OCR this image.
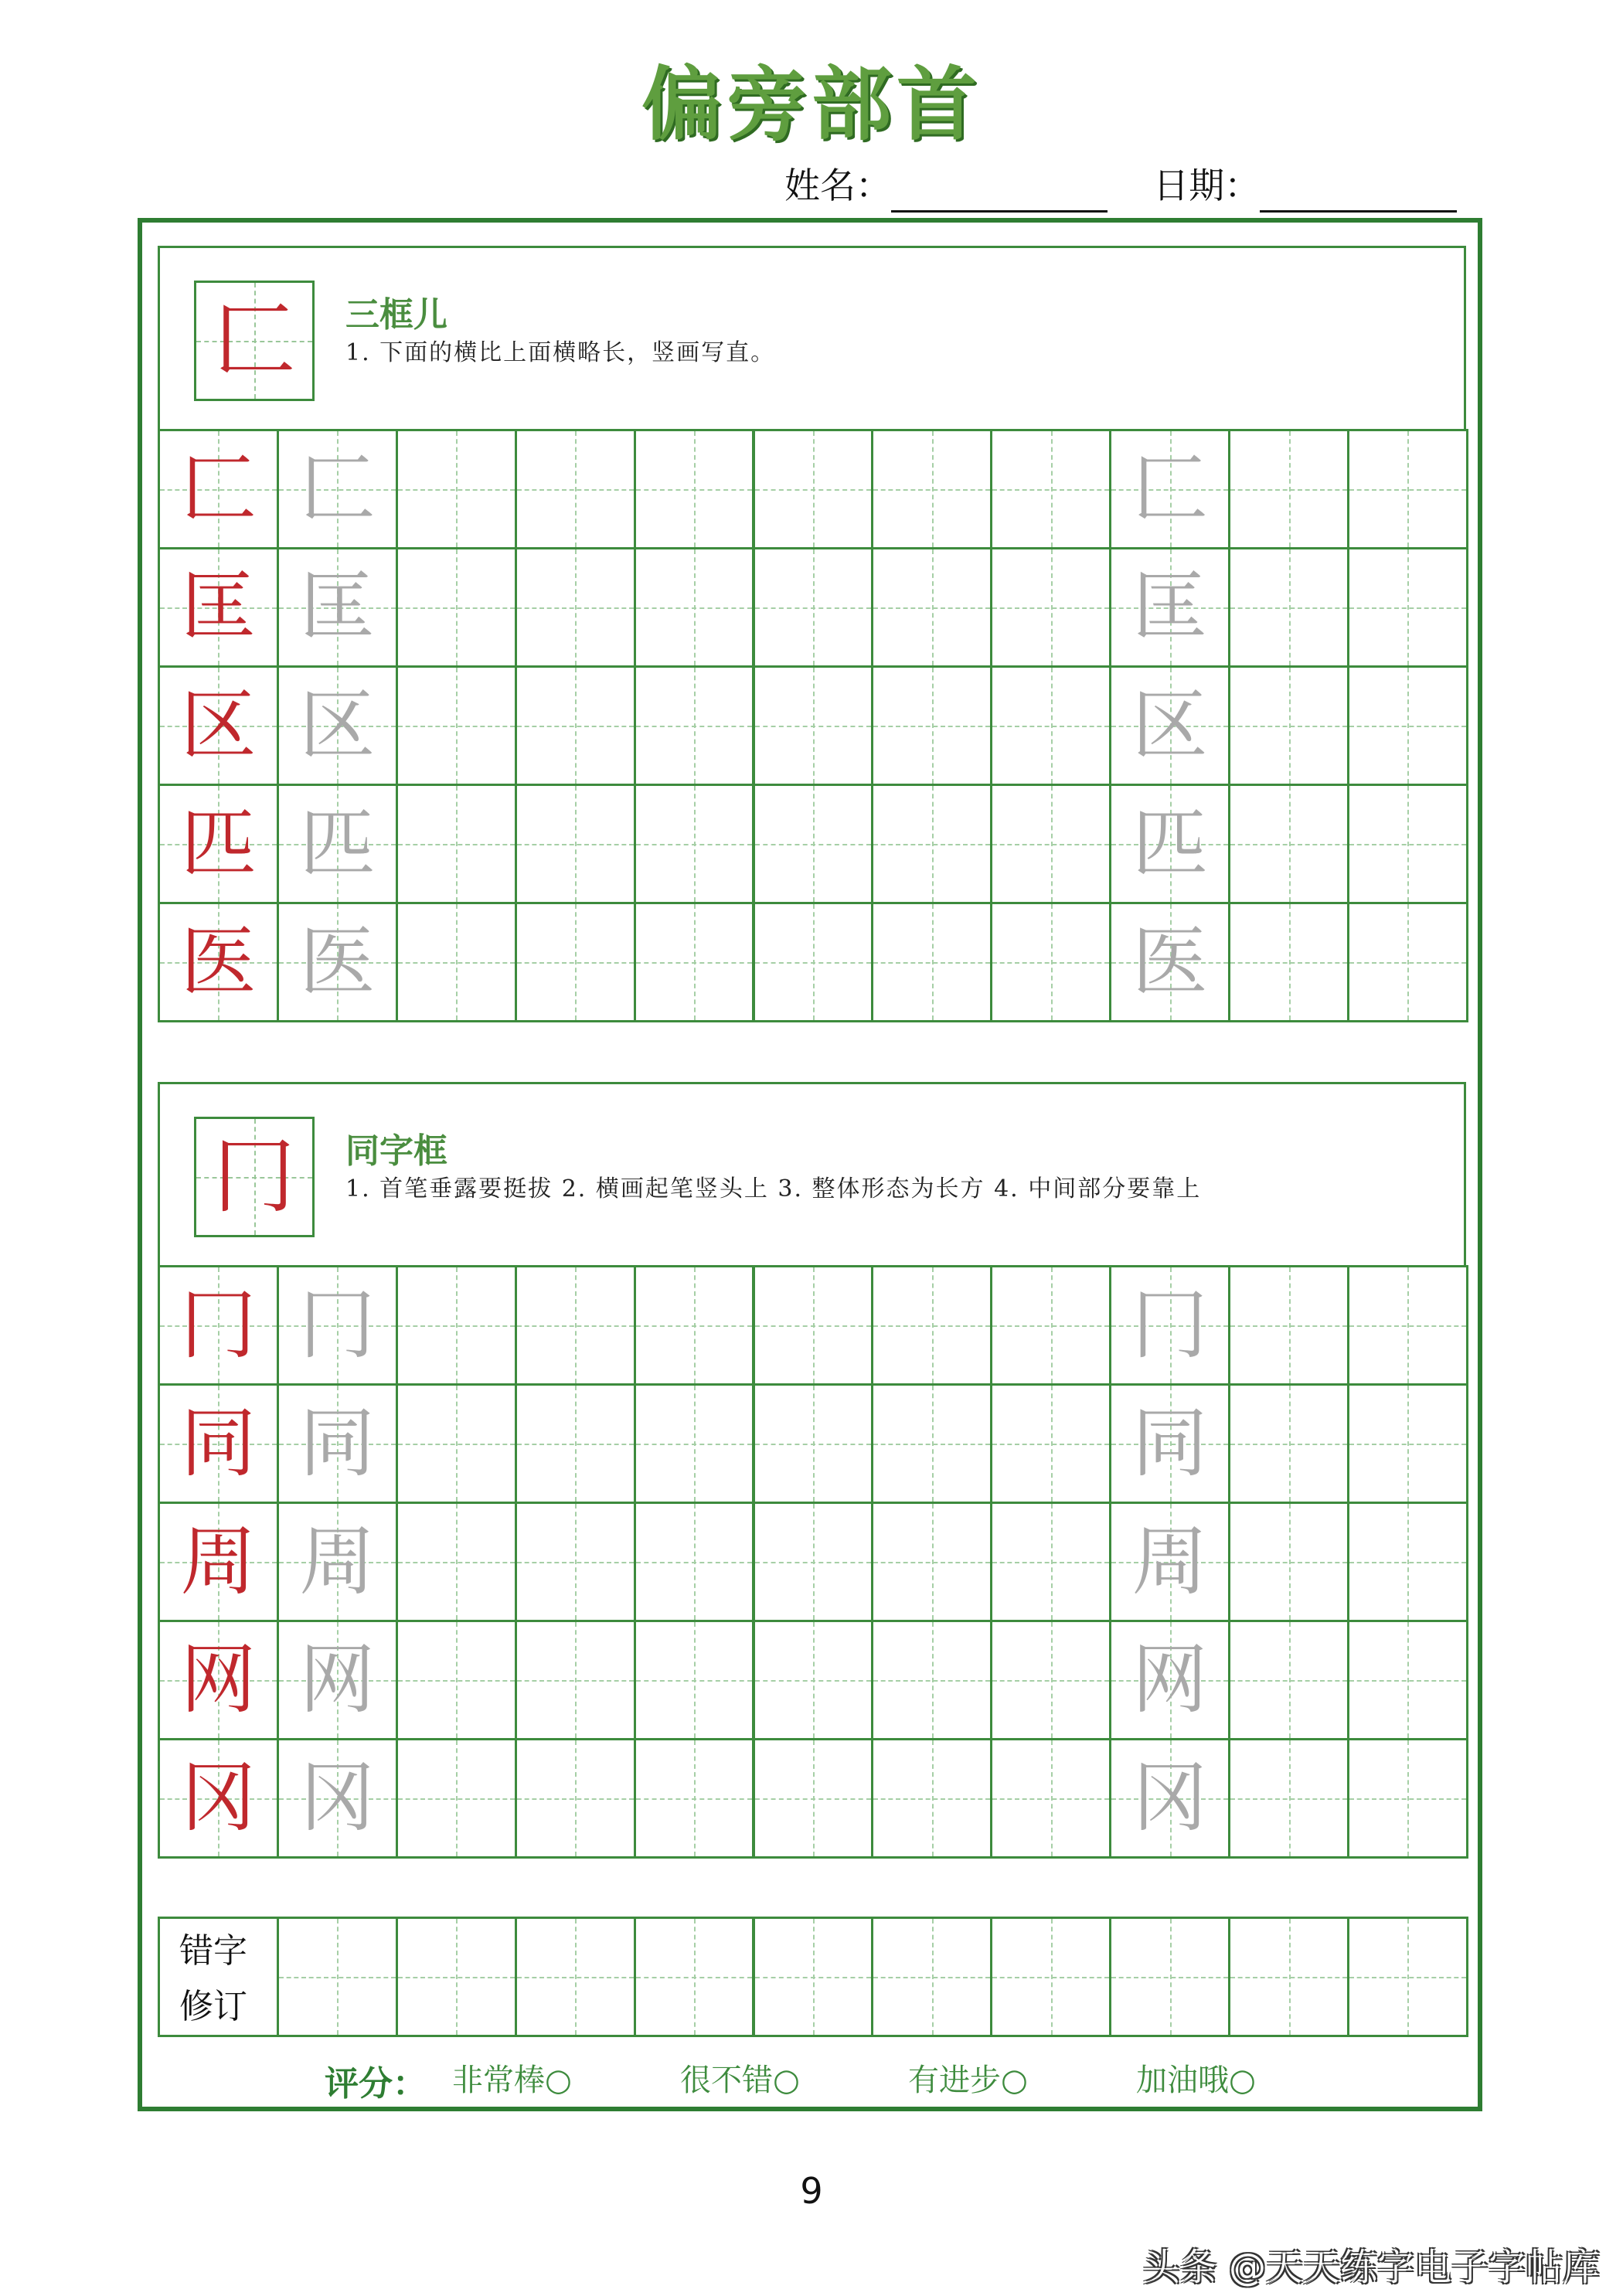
偏旁部首
姓名：	日期：
匚	三框儿
1. 下面的横比上面横略长，竖画写直。
冂	同字框
1. 首笔垂露要挺拔 2. 横画起笔竖头上 3. 整体形态为长方 4. 中间部分要靠上
匚 匚	匚
匡 匡	匡
区 区	区
匹 匹	匹
医 医	医
冂 冂	冂
同 同	同
周 周	周
网 网	网
冈 冈	冈
错字
修订
评分： 非常棒○	很不错○	有进步○	加油哦○
9
头条 @天天练字电子字帖库
